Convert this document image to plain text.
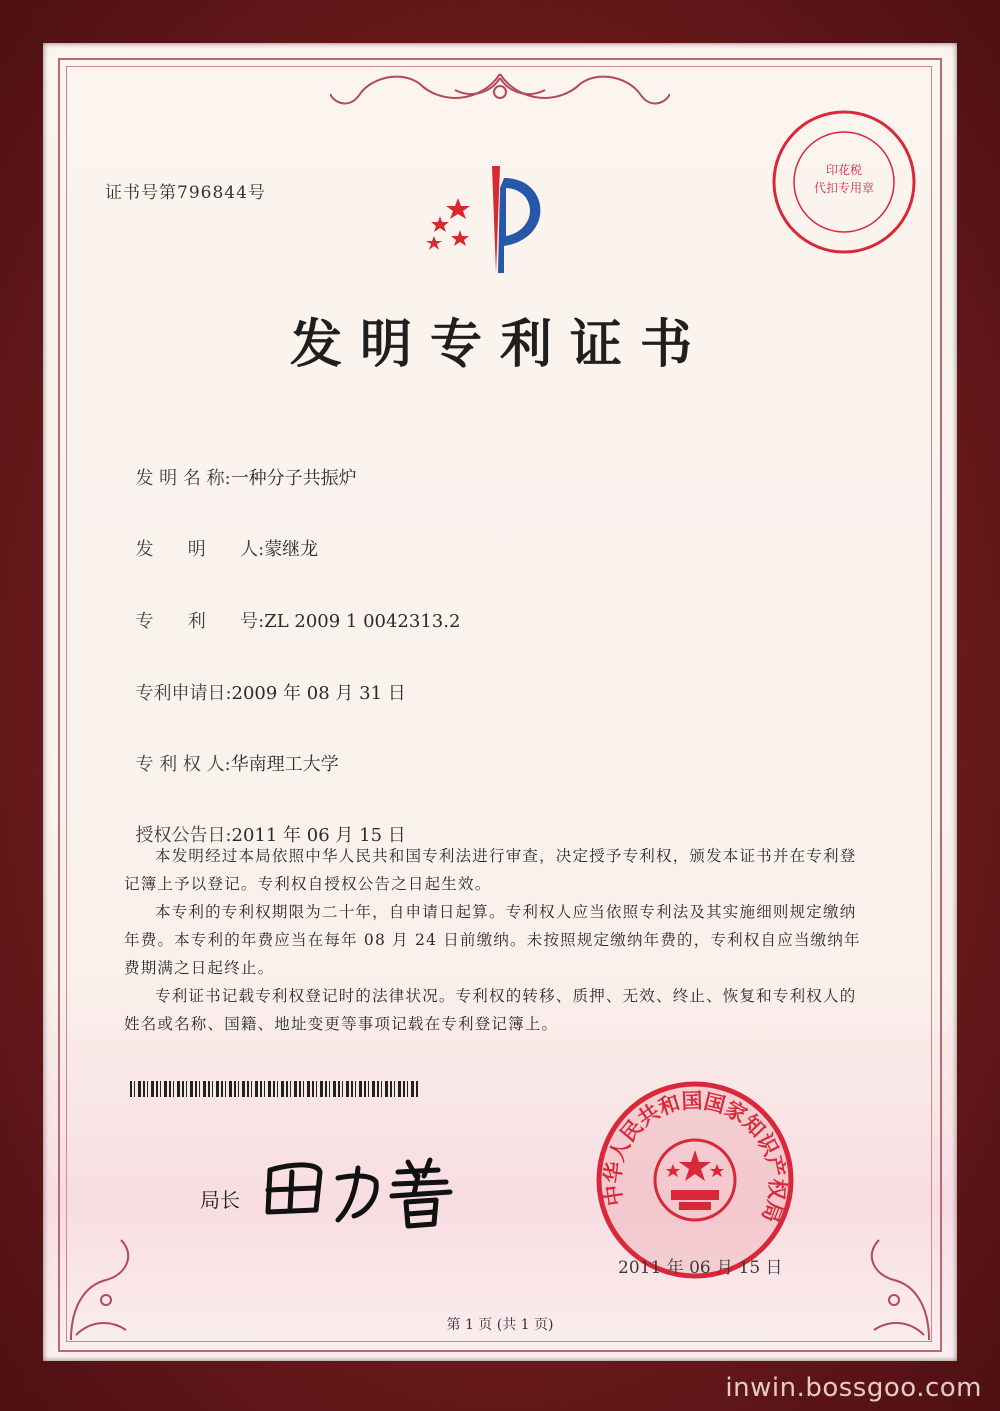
证书号第796844号
发明专利证书

发 明 名 称:一种分子共振炉

发      明      人:蒙继龙

专      利      号:ZL 2009 1 0042313.2

专利申请日:2009 年 08 月 31 日

专 利 权 人:华南理工大学

授权公告日:2011 年 06 月 15 日

本发明经过本局依照中华人民共和国专利法进行审查，决定授予专利权，颁发本证书并在专利登记簿上予以登记。专利权自授权公告之日起生效。

本专利的专利权期限为二十年，自申请日起算。专利权人应当依照专利法及其实施细则规定缴纳年费。本专利的年费应当在每年 08 月 24 日前缴纳。未按照规定缴纳年费的，专利权自应当缴纳年费期满之日起终止。

专利证书记载专利权登记时的法律状况。专利权的转移、质押、无效、终止、恢复和专利权人的姓名或名称、国籍、地址变更等事项记载在专利登记簿上。

局长
印花税
代扣专用章
中华人民共和国国家知识产权局
2011 年 06 月 15 日
第 1 页 (共 1 页)
inwin.bossgoo.com
